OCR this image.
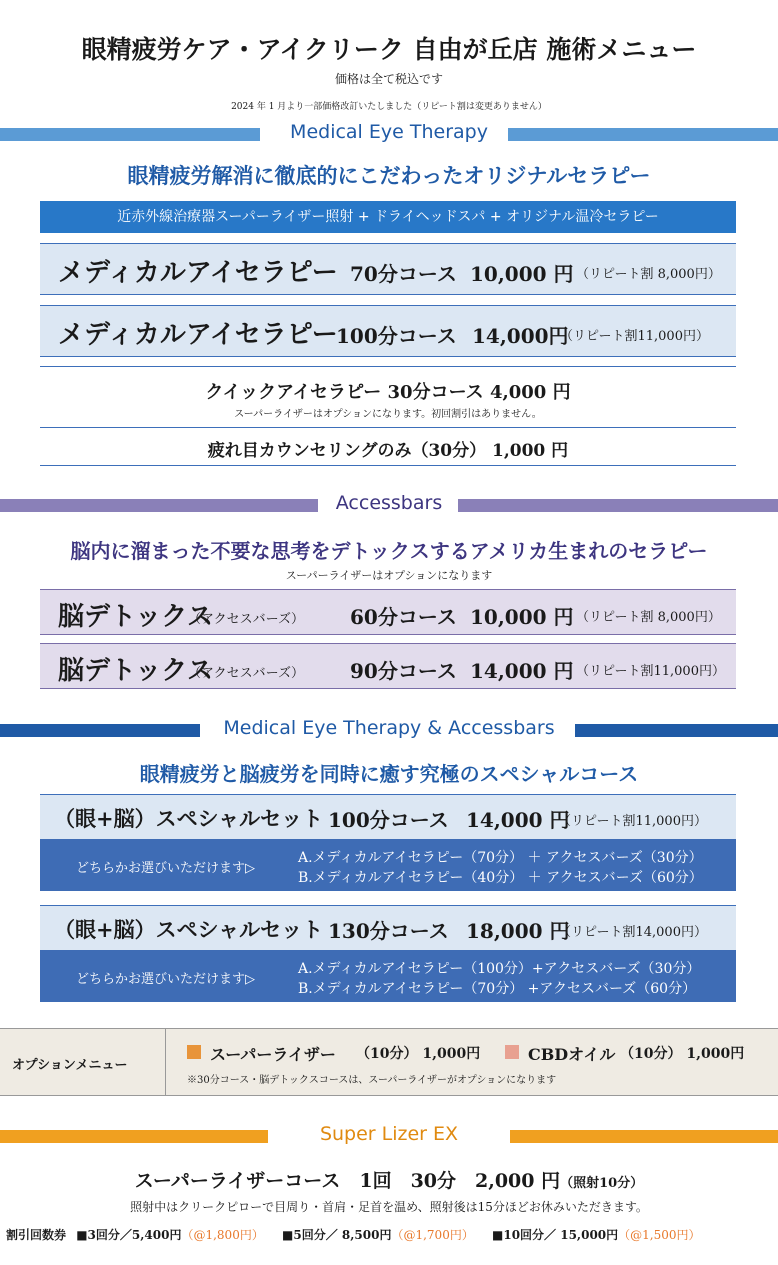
眼精疲労ケア・アイクリーク 自由が丘店 施術メニュー
価格は全て税込です
2024 年 1 月より一部価格改訂いたしました（リピート割は変更ありません）
Medical Eye Therapy
眼精疲労解消に徹底的にこだわったオリジナルセラピー
近赤外線治療器スーパーライザー照射 + ドライヘッドスパ + オリジナル温冷セラピー
メディカルアイセラピー 70分コース 10,000 円 （リピート割 8,000円）
メディカルアイセラピー
100分コース 14,000円
（リピート割11,000円）
クイックアイセラピー 30分コース 4,000 円
スーパーライザーはオプションになります。初回割引はありません。
疲れ目カウンセリングのみ（30分） 1,000 円
Accessbars
脳内に溜まった不要な思考をデトックスするアメリカ生まれのセラピー
スーパーライザーはオプションになります
脳デトックス
（アクセスバーズ） 60分コース 10,000 円 （リピート割 8,000円）
脳デトックス
（アクセスバーズ） 90分コース 14,000 円 （リピート割11,000円）
Medical Eye Therapy & Accessbars
眼精疲労と脳疲労を同時に癒す究極のスペシャルコース
（眼+脳）スペシャルセット 100分コース 14,000 円
（リピート割11,000円）
どちらかお選びいただけます▷
A.メディカルアイセラピー（70分） ＋ アクセスバーズ（30分）
B.メディカルアイセラピー（40分） ＋ アクセスバーズ（60分）
（眼+脳）スペシャルセット 130分コース 18,000 円
（リピート割14,000円）
どちらかお選びいただけます▷
A.メディカルアイセラピー（100分）+アクセスバーズ（30分）
B.メディカルアイセラピー（70分） +アクセスバーズ（60分）
オプションメニュー
スーパーライザー （10分） 1,000円	CBDオイル （10分） 1,000円
※30分コース・脳デトックスコースは、スーパーライザーがオプションになります
Super Lizer EX
スーパーライザーコース　1回　30分　2,000 円（照射10分）
照射中はクリークピローで目周り・首肩・足首を温め、照射後は15分ほどお休みいただきます。
割引回数券 ■3回分／5,400円（@1,800円） ■5回分／ 8,500円（@1,700円） ■10回分／ 15,000円（@1,500円）
